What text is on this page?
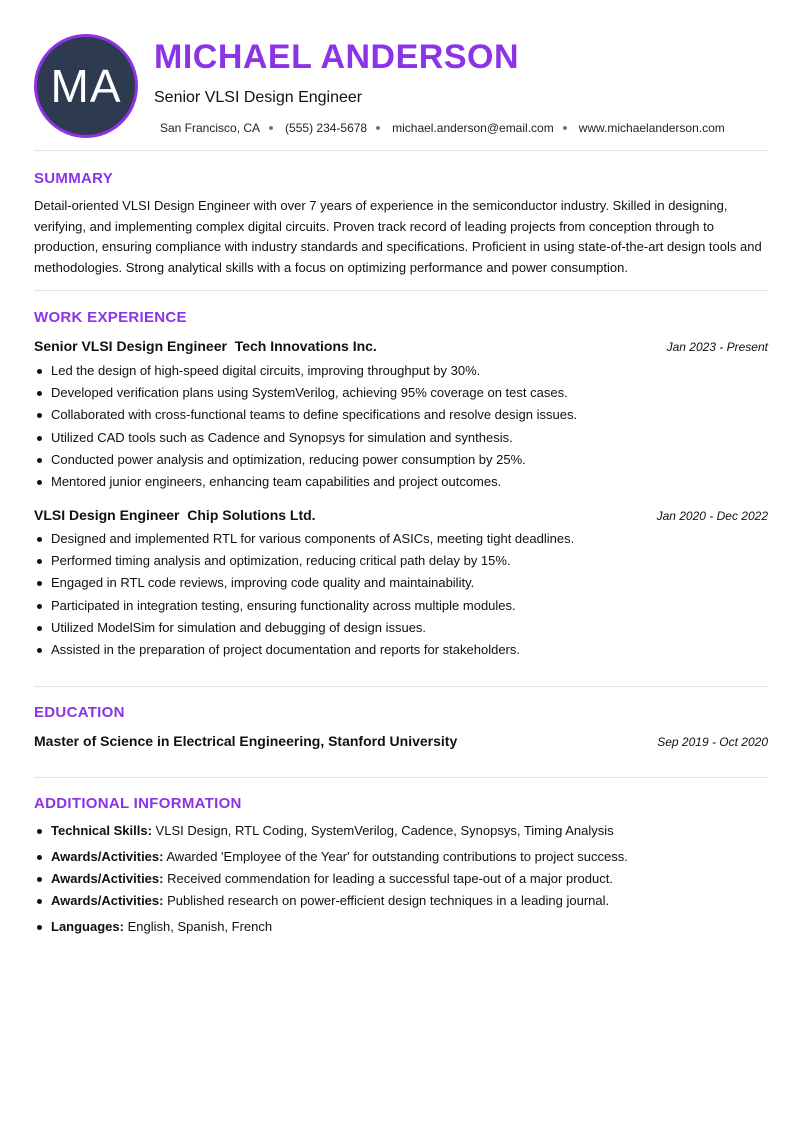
MA
MICHAEL ANDERSON
Senior VLSI Design Engineer
San Francisco, CA (555) 234-5678 michael.anderson@email.com www.michaelanderson.com
SUMMARY

Detail-oriented VLSI Design Engineer with over 7 years of experience in the semiconductor industry. Skilled in designing, verifying, and implementing complex digital circuits. Proven track record of leading projects from conception through to production, ensuring compliance with industry standards and specifications. Proficient in using state-of-the-art design tools and methodologies. Strong analytical skills with a focus on optimizing performance and power consumption.

WORK EXPERIENCE
Senior VLSI Design Engineer Tech Innovations Inc.	Jan 2023 - Present
Led the design of high-speed digital circuits, improving throughput by 30%.
Developed verification plans using SystemVerilog, achieving 95% coverage on test cases.
Collaborated with cross-functional teams to define specifications and resolve design issues.
Utilized CAD tools such as Cadence and Synopsys for simulation and synthesis.
Conducted power analysis and optimization, reducing power consumption by 25%.
Mentored junior engineers, enhancing team capabilities and project outcomes.
VLSI Design Engineer Chip Solutions Ltd.	Jan 2020 - Dec 2022
Designed and implemented RTL for various components of ASICs, meeting tight deadlines.
Performed timing analysis and optimization, reducing critical path delay by 15%.
Engaged in RTL code reviews, improving code quality and maintainability.
Participated in integration testing, ensuring functionality across multiple modules.
Utilized ModelSim for simulation and debugging of design issues.
Assisted in the preparation of project documentation and reports for stakeholders.
EDUCATION
Master of Science in Electrical Engineering, Stanford University	Sep 2019 - Oct 2020
ADDITIONAL INFORMATION
Technical Skills: VLSI Design, RTL Coding, SystemVerilog, Cadence, Synopsys, Timing Analysis
Awards/Activities: Awarded 'Employee of the Year' for outstanding contributions to project success.
Awards/Activities: Received commendation for leading a successful tape-out of a major product.
Awards/Activities: Published research on power-efficient design techniques in a leading journal.
Languages: English, Spanish, French
